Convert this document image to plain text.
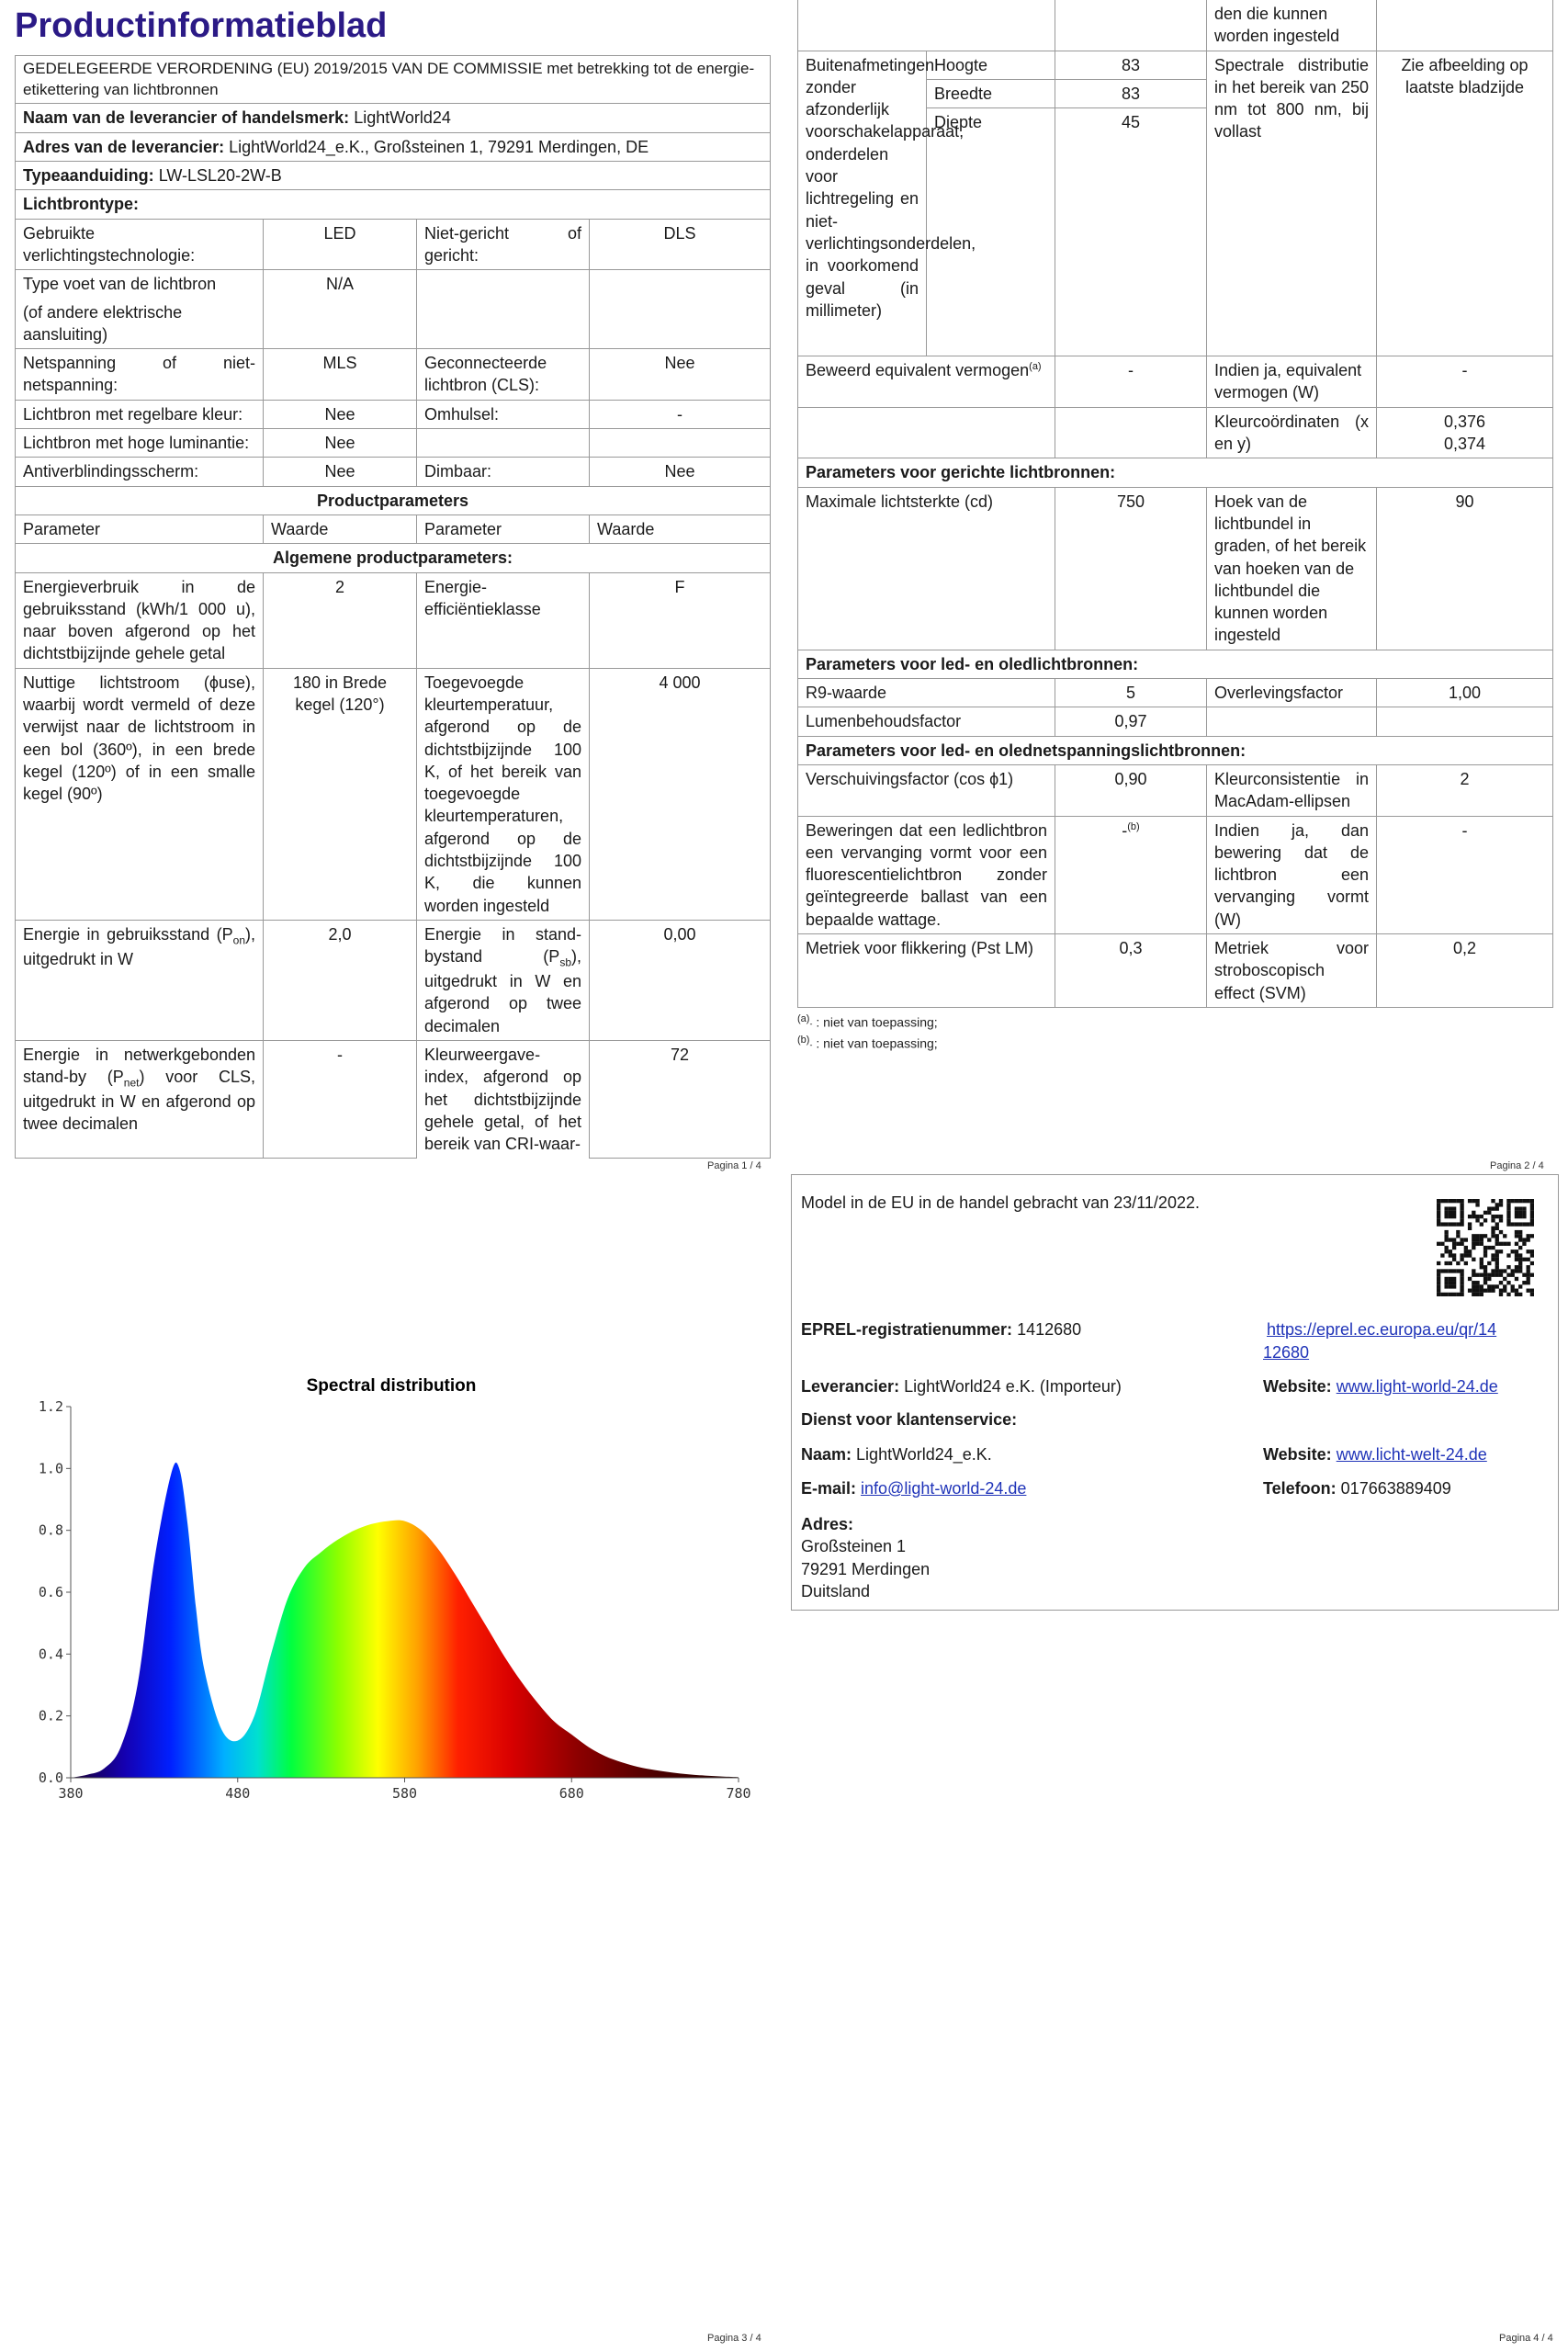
Productinformatieblad
GEDELEGEERDE VERORDENING (EU) 2019/2015 VAN DE COMMISSIE met betrekking tot de energie-etikettering van lichtbronnen			
Naam van de leverancier of handelsmerk: LightWorld24			
Adres van de leverancier: LightWorld24_e.K., Großsteinen 1, 79291 Merdingen, DE			
Typeaanduiding: LW-LSL20-2W-B			
Lichtbrontype:			
Gebruikte verlichtingstechnologie:	LED	Niet-gericht of gericht:	DLS

Type voet van de lichtbron
(of andere elektrische aansluiting)	N/A		
Netspanning of niet-netspanning:	MLS	Geconnecteerde lichtbron (CLS):	Nee
Lichtbron met regelbare kleur:	Nee	Omhulsel:	-
Lichtbron met hoge luminantie:	Nee		
Antiverblindingsscherm:	Nee	Dimbaar:	Nee
Productparameters			
Parameter	Waarde	Parameter	Waarde
Algemene productparameters:			
Energieverbruik in de gebruiksstand (kWh/1 000 u), naar boven afgerond op het dichtstbijzijnde gehele getal	2	Energie-efficiëntieklasse	F
Nuttige lichtstroom (ϕuse), waarbij wordt vermeld of deze verwijst naar de lichtstroom in een bol (360º), in een brede kegel (120º) of in een smalle kegel (90º)	180 in Brede kegel (120°)	Toegevoegde kleurtemperatuur, afgerond op de dichtstbijzijnde 100 K, of het bereik van toegevoegde kleurtemperaturen, afgerond op de dichtstbijzijnde 100 K, die kunnen worden ingesteld	4 000
Energie in gebruiksstand $(P_{on})$, uitgedrukt in W	2,0	Energie in stand-bystand $(P_{sb})$, uitgedrukt in W en afgerond op twee decimalen	0,00
Energie in netwerkgebonden stand-by $(P_{net})$ voor CLS, uitgedrukt in W en afgerond op twee decimalen	-	Kleurweergave-index, afgerond op het dichtstbijzijnde gehele getal, of het bereik van CRI-waar-	72
Pagina 1 / 4
			den die kunnen worden ingesteld	
Buitenafmetingen zonder afzonderlijk voorschakelapparaat, onderdelen voor lichtregeling en niet-verlichtingsonderdelen, in voorkomend geval (in millimeter)	Hoogte	83	Spectrale distributie in het bereik van 250 nm tot 800 nm, bij vollast	Zie afbeelding op laatste bladzijde
	Breedte	83		
	Diepte	45		
Beweerd equivalent vermogen$^{(a)}$		-	Indien ja, equivalent vermogen (W)	-
			Kleurcoördinaten (x en y)	0,376
0,374

Parameters voor gerichte lichtbronnen:				
Maximale lichtsterkte (cd)		750	Hoek van de lichtbundel in graden, of het bereik van hoeken van de lichtbundel die kunnen worden ingesteld	90
Parameters voor led- en oledlichtbronnen:				
R9-waarde		5	Overlevingsfactor	1,00
Lumenbehoudsfactor		0,97		
Parameters voor led- en olednetspanningslichtbronnen:				
Verschuivingsfactor (cos ϕ1)		0,90	Kleurconsistentie in MacAdam-ellipsen	2
Beweringen dat een ledlichtbron een vervanging vormt voor een fluorescentielichtbron zonder geïntegreerde ballast van een bepaalde wattage.		-$^{(b)}$	Indien ja, dan bewering dat de lichtbron een vervanging vormt (W)	-
Metriek voor flikkering (Pst LM)		0,3	Metriek voor stroboscopisch effect (SVM)	0,2
$^{(a)}$- : niet van toepassing;
$^{(b)}$- : niet van toepassing;
Pagina 2 / 4
Spectral distribution
0.0
0.2
0.4
0.6
0.8
1.0
1.2
380	480	580	680	780
Pagina 3 / 4
Model in de EU in de handel gebracht van 23/11/2022.
EPREL-registratienummer: 1412680	https://eprel.ec.europa.eu/qr/14
12680
Leverancier: LightWorld24 e.K. (Importeur)	Website: www.light-world-24.de
Dienst voor klantenservice:
Naam: LightWorld24_e.K.	Website: www.licht-welt-24.de
E-mail: info@light-world-24.de	Telefoon: 017663889409
Adres:
Großsteinen 1
79291 Merdingen
Duitsland
Pagina 4 / 4
